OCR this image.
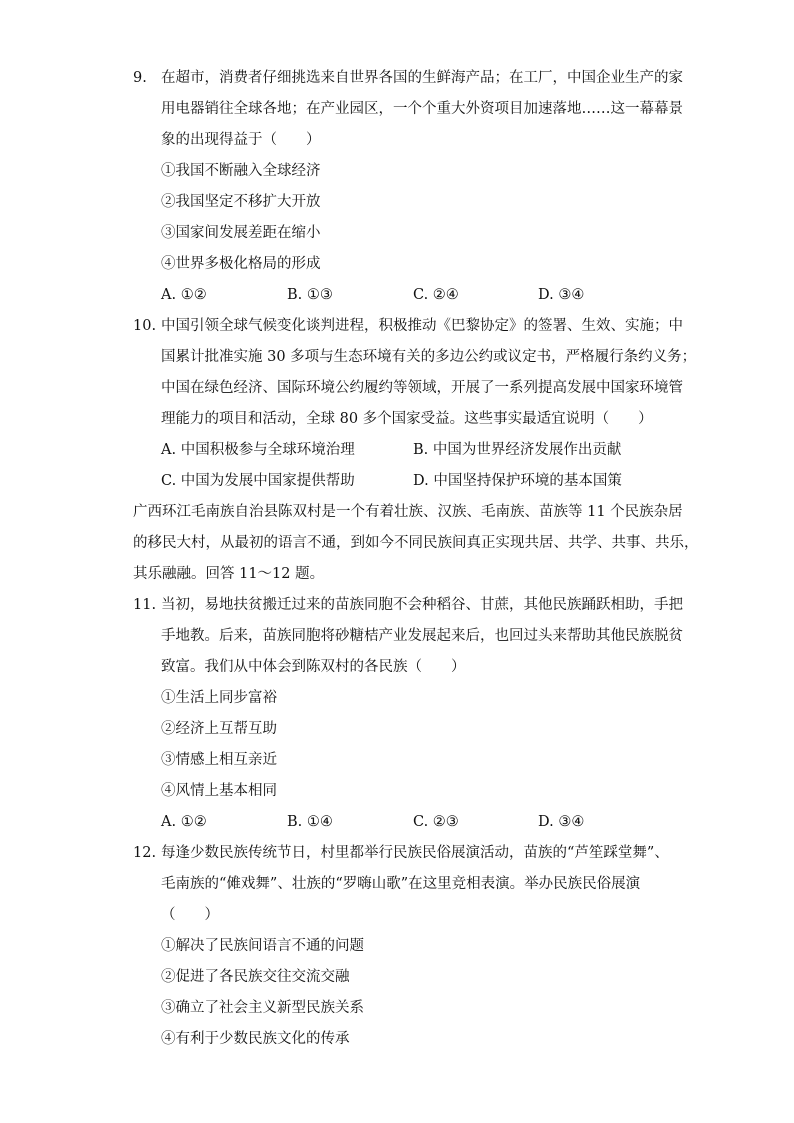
9. 在超市，消费者仔细挑选来自世界各国的生鲜海产品；在工厂，中国企业生产的家
用电器销往全球各地；在产业园区，一个个重大外资项目加速落地……这一幕幕景
象的出现得益于（　　）
①我国不断融入全球经济
②我国坚定不移扩大开放
③国家间发展差距在缩小
④世界多极化格局的形成
A. ①②	B. ①③	C. ②④	D. ③④
10. 中国引领全球气候变化谈判进程，积极推动《巴黎协定》的签署、生效、实施；中
国累计批准实施 30 多项与生态环境有关的多边公约或议定书，严格履行条约义务；
中国在绿色经济、国际环境公约履约等领域，开展了一系列提高发展中国家环境管
理能力的项目和活动，全球 80 多个国家受益。这些事实最适宜说明（　　）
A. 中国积极参与全球环境治理	B. 中国为世界经济发展作出贡献
C. 中国为发展中国家提供帮助	D. 中国坚持保护环境的基本国策
广西环江毛南族自治县陈双村是一个有着壮族、汉族、毛南族、苗族等 11 个民族杂居
的移民大村，从最初的语言不通，到如今不同民族间真正实现共居、共学、共事、共乐，
其乐融融。回答 11～12 题。
11. 当初，易地扶贫搬迁过来的苗族同胞不会种稻谷、甘蔗，其他民族踊跃相助，手把
手地教。后来，苗族同胞将砂糖桔产业发展起来后，也回过头来帮助其他民族脱贫
致富。我们从中体会到陈双村的各民族（　　）
①生活上同步富裕
②经济上互帮互助
③情感上相互亲近
④风情上基本相同
A. ①②	B. ①④	C. ②③	D. ③④
12. 每逢少数民族传统节日，村里都举行民族民俗展演活动，苗族的“芦笙踩堂舞”、
毛南族的“傩戏舞”、壮族的“罗嗨山歌”在这里竞相表演。举办民族民俗展演
（　　）
①解决了民族间语言不通的问题
②促进了各民族交往交流交融
③确立了社会主义新型民族关系
④有利于少数民族文化的传承
